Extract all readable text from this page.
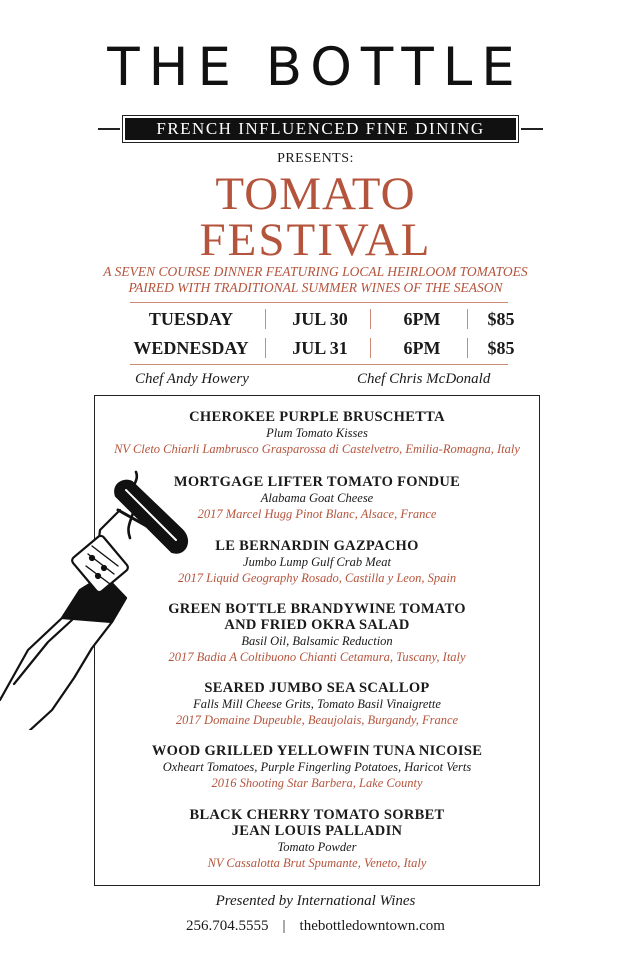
THE BOTTLE
FRENCH INFLUENCED FINE DINING
PRESENTS:
TOMATO
FESTIVAL
A SEVEN COURSE DINNER FEATURING LOCAL HEIRLOOM TOMATOES
PAIRED WITH TRADITIONAL SUMMER WINES OF THE SEASON
TUESDAY	JUL 30	6PM	$85
WEDNESDAY	JUL 31	6PM	$85
Chef Andy Howery	Chef Chris McDonald
CHEROKEE PURPLE BRUSCHETTA
Plum Tomato Kisses
NV Cleto Chiarli Lambrusco Grasparossa di Castelvetro, Emilia-Romagna, Italy
MORTGAGE LIFTER TOMATO FONDUE
Alabama Goat Cheese
2017 Marcel Hugg Pinot Blanc, Alsace, France
LE BERNARDIN GAZPACHO
Jumbo Lump Gulf Crab Meat
2017 Liquid Geography Rosado, Castilla y Leon, Spain
GREEN BOTTLE BRANDYWINE TOMATO
AND FRIED OKRA SALAD
Basil Oil, Balsamic Reduction
2017 Badia A Coltibuono Chianti Cetamura, Tuscany, Italy
SEARED JUMBO SEA SCALLOP
Falls Mill Cheese Grits, Tomato Basil Vinaigrette
2017 Domaine Dupeuble, Beaujolais, Burgandy, France
WOOD GRILLED YELLOWFIN TUNA NICOISE
Oxheart Tomatoes, Purple Fingerling Potatoes, Haricot Verts
2016 Shooting Star Barbera, Lake County
BLACK CHERRY TOMATO SORBET
JEAN LOUIS PALLADIN
Tomato Powder
NV Cassalotta Brut Spumante, Veneto, Italy
Presented by International Wines
256.704.5555 | thebottledowntown.com
